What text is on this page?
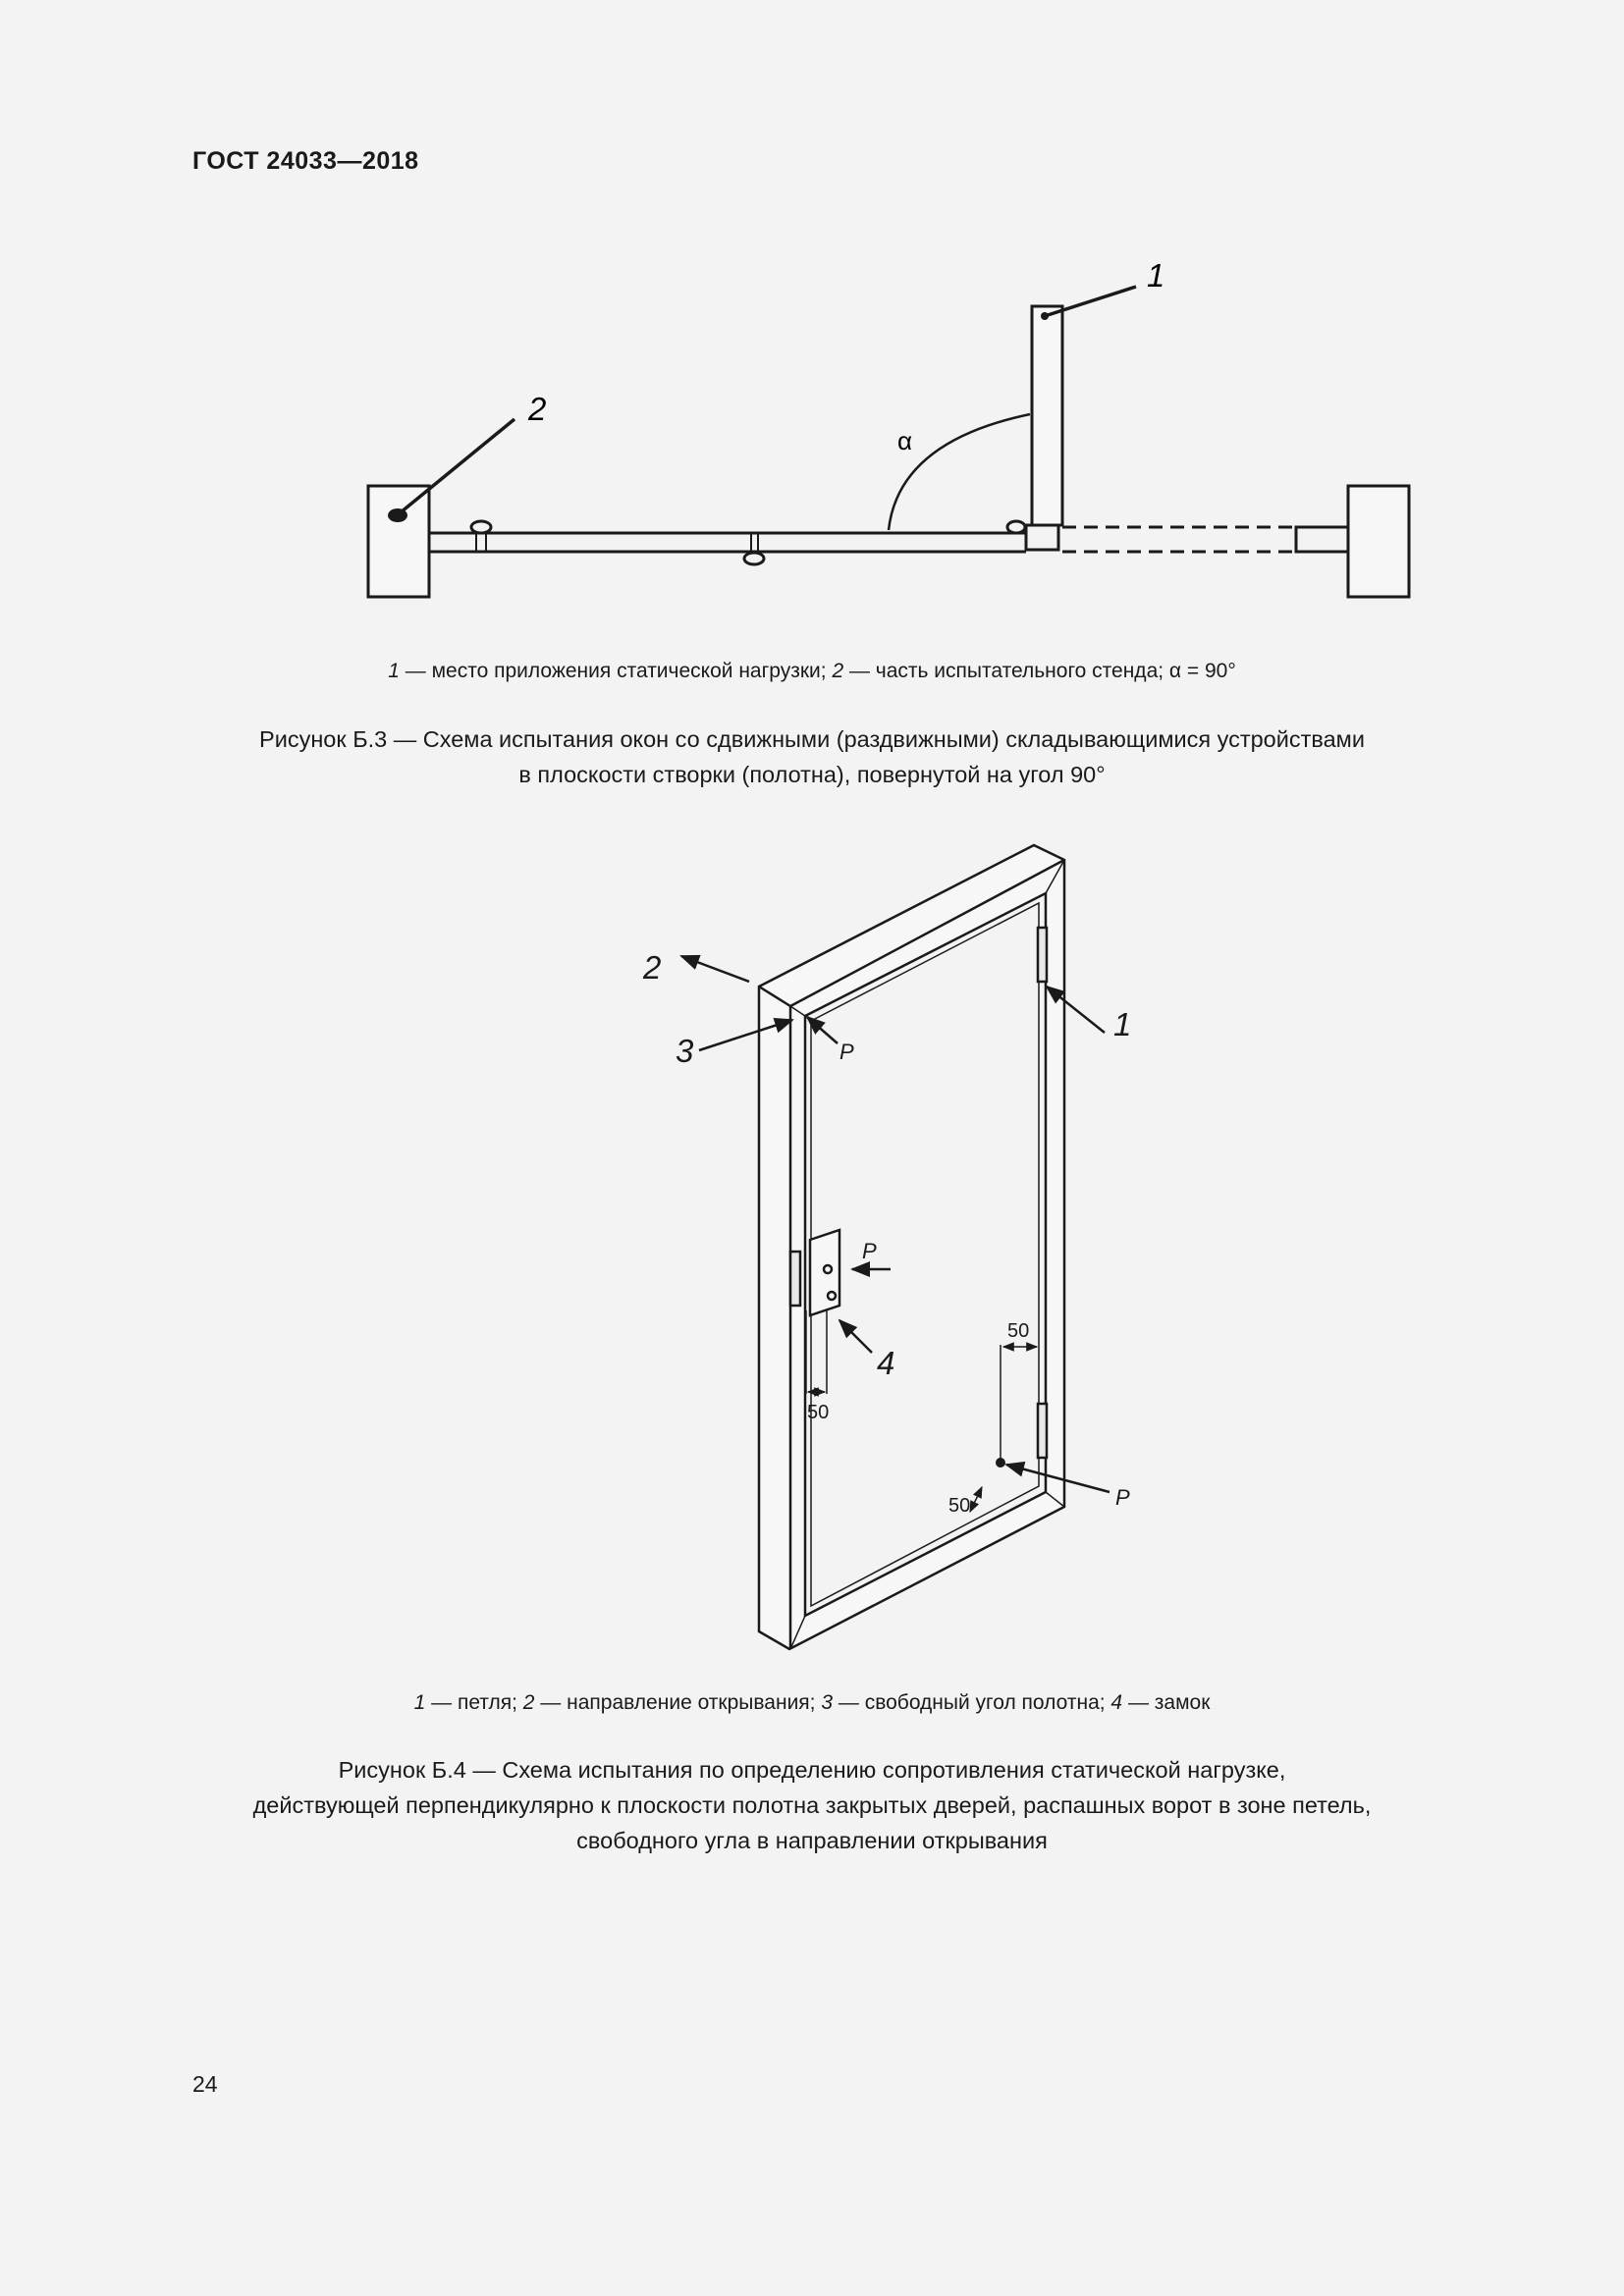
ГОСТ 24033—2018
α
1
2
1 — место приложения статической нагрузки; 2 — часть испытательного стенда; α = 90°
Рисунок Б.3 — Схема испытания окон со сдвижными (раздвижными) складывающимися устройствами
в плоскости створки (полотна), повернутой на угол 90°
1
2
3
4
P
P
P
50
50
50
1 — петля; 2 — направление открывания; 3 — свободный угол полотна; 4 — замок
Рисунок Б.4 — Схема испытания по определению сопротивления статической нагрузке,
действующей перпендикулярно к плоскости полотна закрытых дверей, распашных ворот в зоне петель,
свободного угла в направлении открывания
24
